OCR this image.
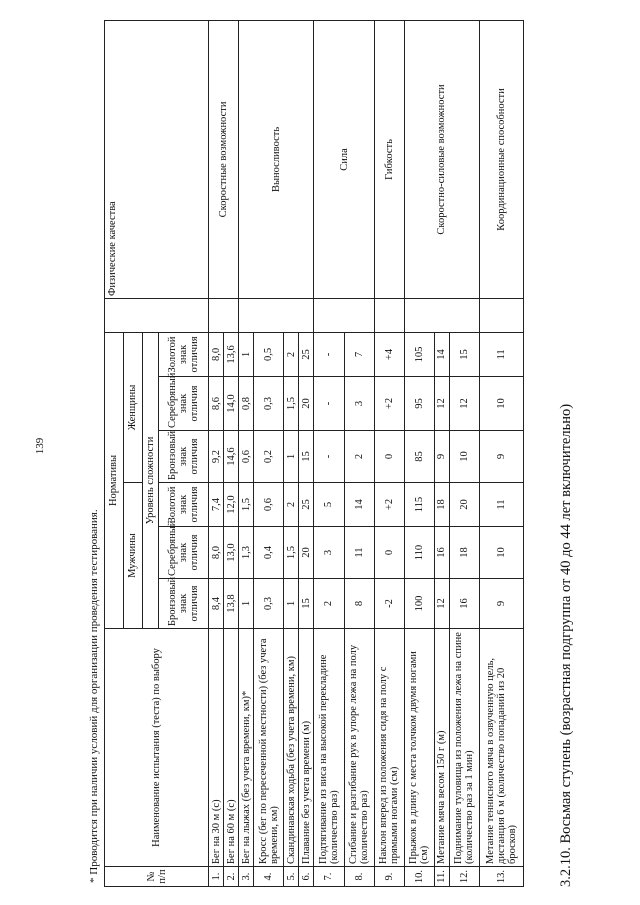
139	3.2.10. Восьмая ступень (возрастная подгруппа от 40 до 44 лет включительно)
№ п/п	Наименование испытания (теста) по выбору	Нормативы							Физические качества
		Мужчины			Женщины				
		Уровень сложности							
		Бронзовый знак отличия	Серебряный знак отличия	Золотой знак отличия	Бронзовый знак отличия	Серебряный знак отличия	Золотой знак отличия		
1.	Бег на 30 м (с)	8,4	8,0	7,4	9,2	8,6	8,0		Скоростные возможности
2.	Бег на 60 м (с)	13,8	13,0	12,0	14,6	14,0	13,6		
3.	Бег на лыжах (без учета времени, км)*	1	1,3	1,5	0,6	0,8	1		Выносливость
4.	Кросс (бег по пересеченной местности) (без учета времени, км)	0,3	0,4	0,6	0,2	0,3	0,5		
5.	Скандинавская ходьба (без учета времени, км)	1	1,5	2	1	1,5	2		
6.	Плавание без учета времени (м)	15	20	25	15	20	25		
7.	Подтягивание из виса на высокой перекладине (количество раз)	2	3	5	-	-	-		Сила
8.	Сгибание и разгибание рук в упоре лежа на полу (количество раз)	8	11	14	2	3	7		
9.	Наклон вперед из положения сидя на полу с прямыми ногами (см)	-2	0	+2	0	+2	+4		Гибкость
10.	Прыжок в длину с места толчком двумя ногами (см)	100	110	115	85	95	105		Скоростно-силовые возможности
11.	Метание мяча весом 150 г (м)	12	16	18	9	12	14		
12.	Поднимание туловища из положения лежа на спине (количество раз за 1 мин)	16	18	20	10	12	15		
13.	Метание теннисного мяча в озвученную цель, дистанция 6 м (количество попаданий из 20 бросков)	9	10	11	9	10	11		Координационные способности
* Проводится при наличии условий для организации проведения тестирования.
